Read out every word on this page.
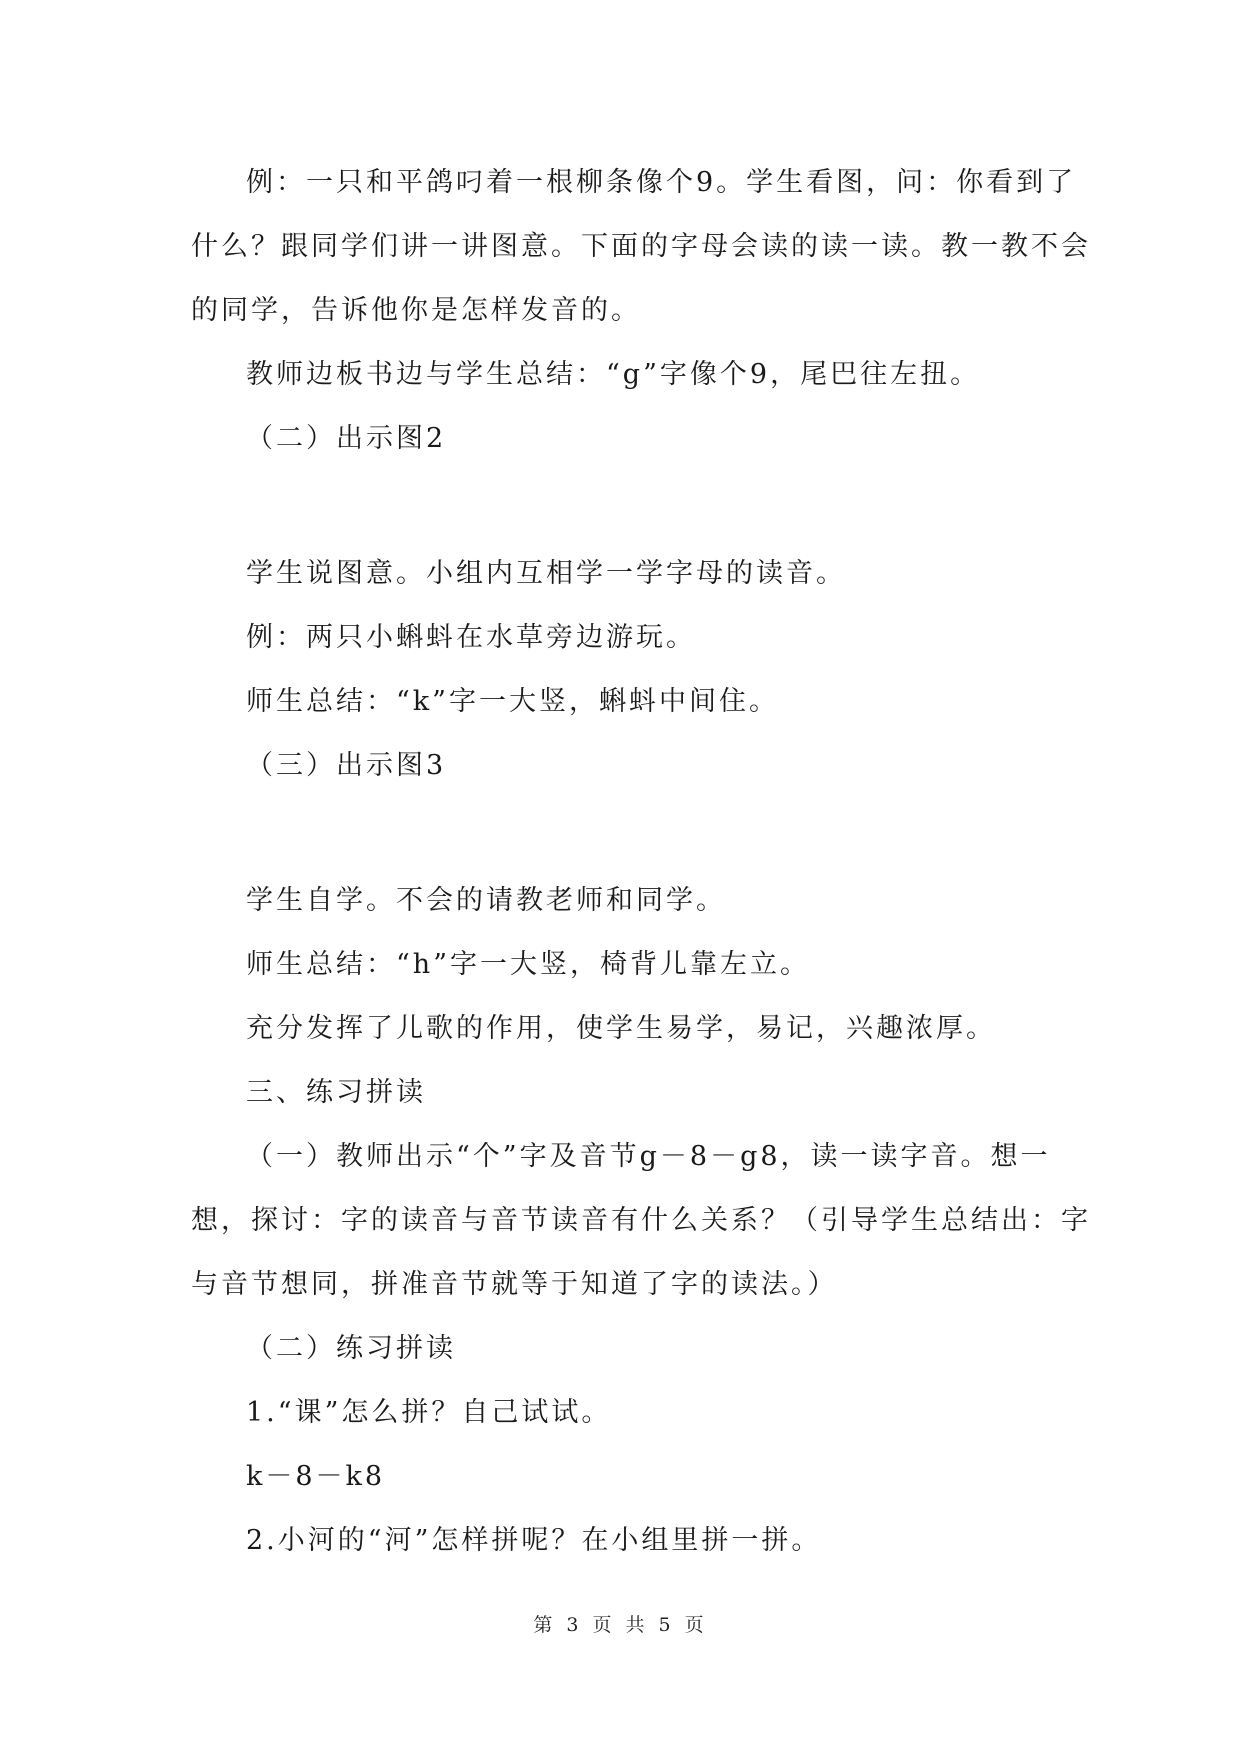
例：一只和平鸽叼着一根柳条像个9。学生看图，问：你看到了
什么？跟同学们讲一讲图意。下面的字母会读的读一读。教一教不会
的同学，告诉他你是怎样发音的。
教师边板书边与学生总结：“g”字像个9，尾巴往左扭。
（二）出示图2
学生说图意。小组内互相学一学字母的读音。
例：两只小蝌蚪在水草旁边游玩。
师生总结：“k”字一大竖，蝌蚪中间住。
（三）出示图3
学生自学。不会的请教老师和同学。
师生总结：“h”字一大竖，椅背儿靠左立。
充分发挥了儿歌的作用，使学生易学，易记，兴趣浓厚。
三、练习拼读
（一）教师出示“个”字及音节g－8－g8，读一读字音。想一
想，探讨：字的读音与音节读音有什么关系？（引导学生总结出：字
与音节想同，拼准音节就等于知道了字的读法。）
（二）练习拼读
1.“课”怎么拼？自己试试。
k－8－k8
2.小河的“河”怎样拼呢？在小组里拼一拼。
第 3 页 共 5 页
